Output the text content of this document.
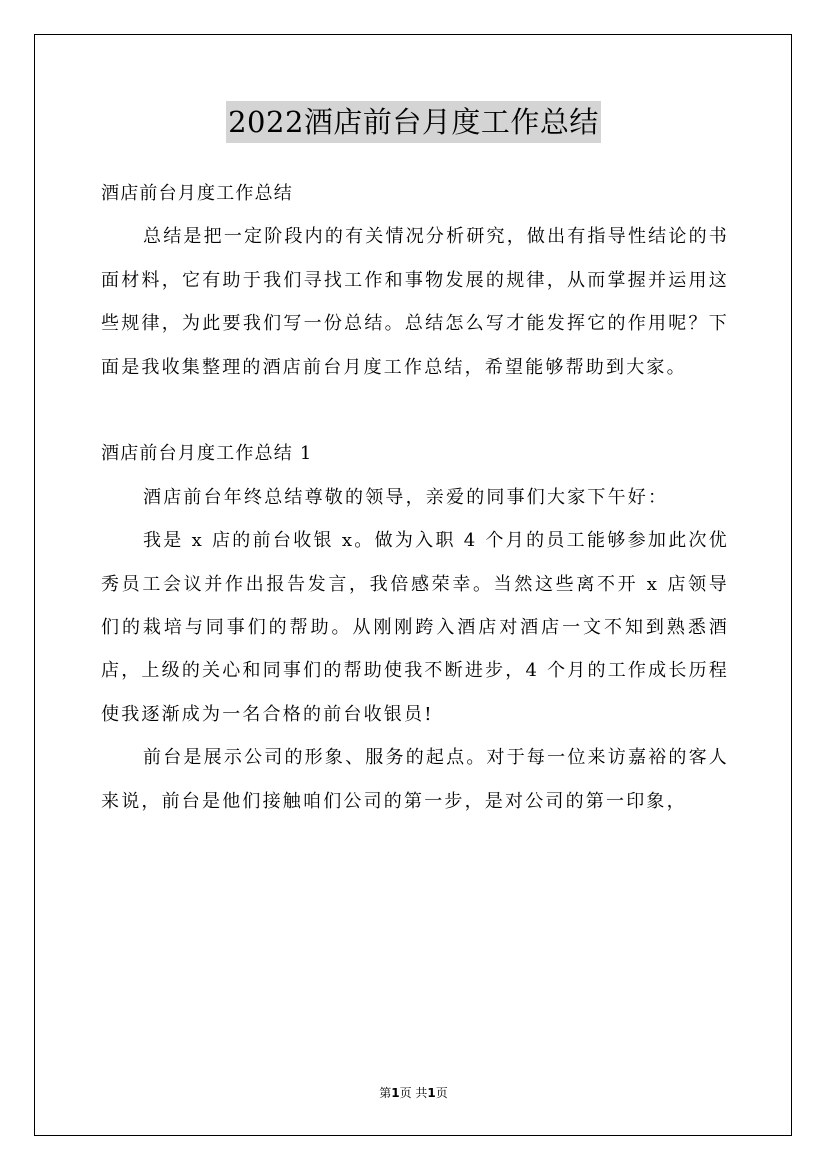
2022酒店前台月度工作总结

酒店前台月度工作总结

总结是把一定阶段内的有关情况分析研究，做出有指导性结论的书面材料，它有助于我们寻找工作和事物发展的规律，从而掌握并运用这些规律，为此要我们写一份总结。总结怎么写才能发挥它的作用呢？下面是我收集整理的酒店前台月度工作总结，希望能够帮助到大家。

酒店前台月度工作总结 1

酒店前台年终总结尊敬的领导，亲爱的同事们大家下午好：

我是 x 店的前台收银 x。做为入职 4 个月的员工能够参加此次优秀员工会议并作出报告发言，我倍感荣幸。当然这些离不开 x 店领导们的栽培与同事们的帮助。从刚刚跨入酒店对酒店一文不知到熟悉酒店，上级的关心和同事们的帮助使我不断进步，4 个月的工作成长历程使我逐渐成为一名合格的前台收银员!

前台是展示公司的形象、服务的起点。对于每一位来访嘉裕的客人来说，前台是他们接触咱们公司的第一步，是对公司的第一印象，

第1页 共1页
